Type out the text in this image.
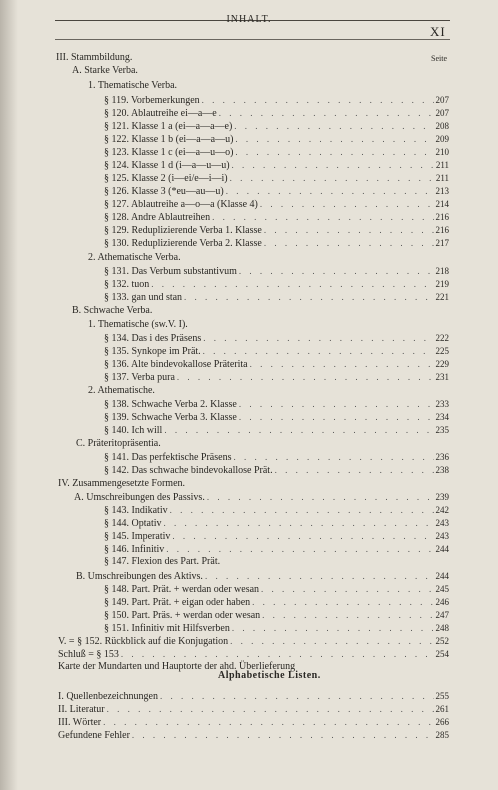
INHALT.
XI
Seite
III. Stammbildung.
A. Starke Verba.
1. Thematische Verba.
§ 119. Vorbemerkungen . . .	207
§ 120. Ablautreihe ei—a—e . . .	207
§ 121. Klasse 1 a (ei—a—a—e) . . .	208
§ 122. Klasse 1 b (ei—a—a—u) . . .	209
§ 123. Klasse 1 c (ei—a—u—o) . . .	210
§ 124. Klasse 1 d (i—a—u—u) . . .	211
§ 125. Klasse 2 (i—ei/e—i—i) . . .	211
§ 126. Klasse 3 (*eu—au—u) . . .	213
§ 127. Ablautreihe a—o—a (Klasse 4) . . .	214
§ 128. Andre Ablautreihen . . .	216
§ 129. Reduplizierende Verba 1. Klasse . . .	216
§ 130. Reduplizierende Verba 2. Klasse . . .	217
2. Athematische Verba.
§ 131. Das Verbum substantivum . . .	218
§ 132. tuon . . .	219
§ 133. gan und stan . . .	221
B. Schwache Verba.
1. Thematische (sw.V. I).
§ 134. Das i des Präsens . . .	222
§ 135. Synkope im Prät. . . .	225
§ 136. Alte bindevokallose Präterita . . .	229
§ 137. Verba pura . . .	231
2. Athematische.
§ 138. Schwache Verba 2. Klasse . . .	233
§ 139. Schwache Verba 3. Klasse . . .	234
§ 140. Ich will . . .	235
C. Präteritopräsentia.
§ 141. Das perfektische Präsens . . .	236
§ 142. Das schwache bindevokallose Prät. . . .	238
IV. Zusammengesetzte Formen.
A. Umschreibungen des Passivs. . . .	239
§ 143. Indikativ . . .	242
§ 144. Optativ . . .	243
§ 145. Imperativ . . .	243
§ 146. Infinitiv . . .	244
§ 147. Flexion des Part. Prät.
B. Umschreibungen des Aktivs. . . .	244
§ 148. Part. Prät. + werdan oder wesan . . .	245
§ 149. Part. Prät. + eigan oder haben . . .	246
§ 150. Part. Präs. + werdan oder wesan . . .	247
§ 151. Infinitiv mit Hilfsverben . . .	248
V. = § 152. Rückblick auf die Konjugation . . .	252
Schluß = § 153 . . .	254
Karte der Mundarten und Hauptorte der ahd. Überlieferung
I. Quellenbezeichnungen . . .	255
II. Literatur . . .	261
III. Wörter . . .	266
Gefundene Fehler . . .	285
Alphabetische Listen.
